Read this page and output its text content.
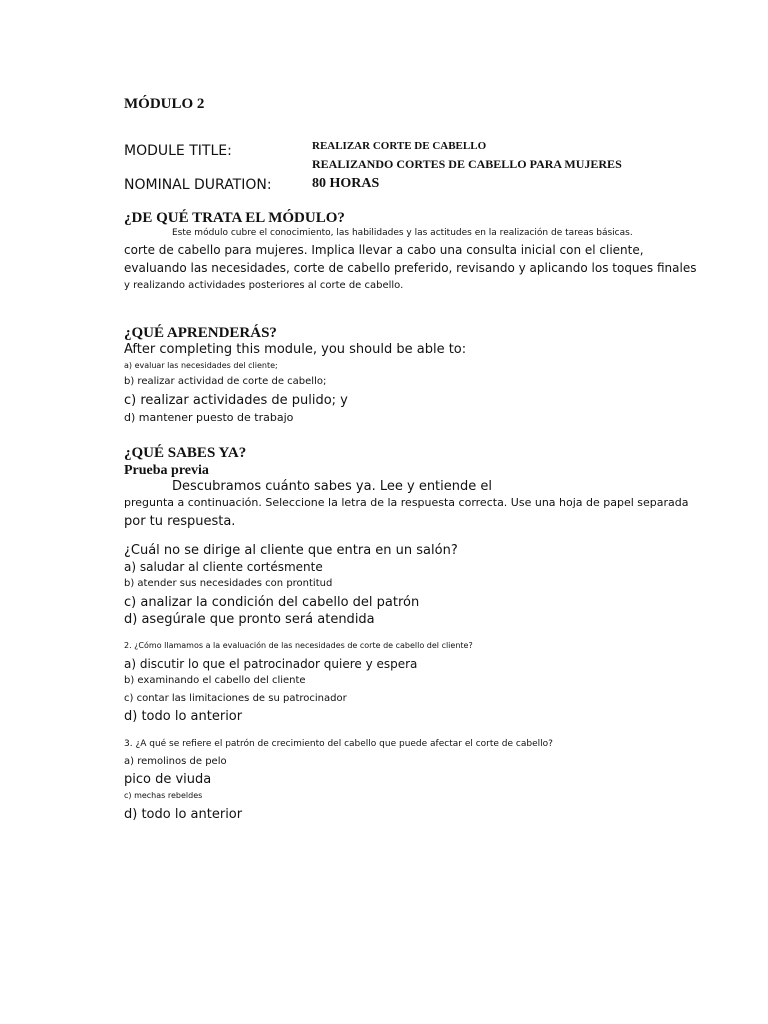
MÓDULO 2

MODULE TITLE:	REALIZAR CORTE DE CABELLO

REALIZANDO CORTES DE CABELLO PARA MUJERES

NOMINAL DURATION:	80 HORAS

¿DE QUÉ TRATA EL MÓDULO?

Este módulo cubre el conocimiento, las habilidades y las actitudes en la realización de tareas básicas.

corte de cabello para mujeres. Implica llevar a cabo una consulta inicial con el cliente,

evaluando las necesidades, corte de cabello preferido, revisando y aplicando los toques finales

y realizando actividades posteriores al corte de cabello.

¿QUÉ APRENDERÁS?

After completing this module, you should be able to:

a) evaluar las necesidades del cliente;

b) realizar actividad de corte de cabello;

c) realizar actividades de pulido; y

d) mantener puesto de trabajo

¿QUÉ SABES YA?

Prueba previa

Descubramos cuánto sabes ya. Lee y entiende el

pregunta a continuación. Seleccione la letra de la respuesta correcta. Use una hoja de papel separada

por tu respuesta.

¿Cuál no se dirige al cliente que entra en un salón?

a) saludar al cliente cortésmente

b) atender sus necesidades con prontitud

c) analizar la condición del cabello del patrón

d) asegúrale que pronto será atendida

2. ¿Cómo llamamos a la evaluación de las necesidades de corte de cabello del cliente?

a) discutir lo que el patrocinador quiere y espera

b) examinando el cabello del cliente

c) contar las limitaciones de su patrocinador

d) todo lo anterior

3. ¿A qué se refiere el patrón de crecimiento del cabello que puede afectar el corte de cabello?

a) remolinos de pelo

pico de viuda

c) mechas rebeldes

d) todo lo anterior
